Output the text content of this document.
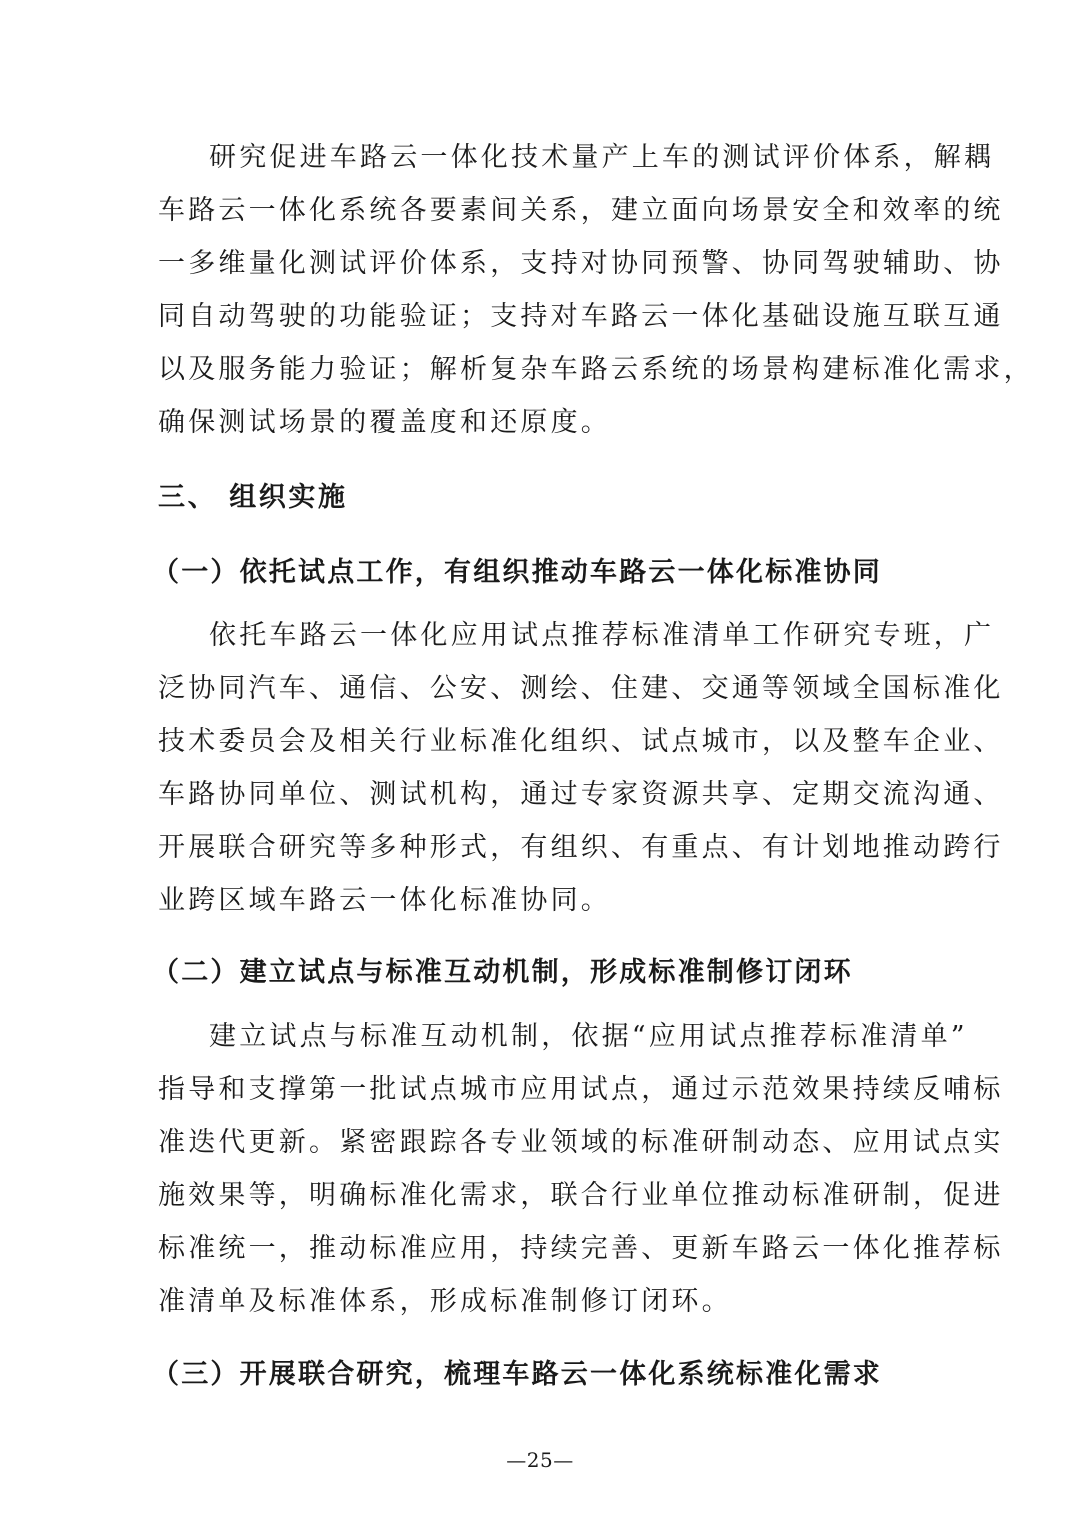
研究促进车路云一体化技术量产上车的测试评价体系，解耦
车路云一体化系统各要素间关系，建立面向场景安全和效率的统
一多维量化测试评价体系，支持对协同预警、协同驾驶辅助、协
同自动驾驶的功能验证；支持对车路云一体化基础设施互联互通
以及服务能力验证；解析复杂车路云系统的场景构建标准化需求，
确保测试场景的覆盖度和还原度。
三、 组织实施
（一）依托试点工作，有组织推动车路云一体化标准协同
依托车路云一体化应用试点推荐标准清单工作研究专班，广
泛协同汽车、通信、公安、测绘、住建、交通等领域全国标准化
技术委员会及相关行业标准化组织、试点城市，以及整车企业、
车路协同单位、测试机构，通过专家资源共享、定期交流沟通、
开展联合研究等多种形式，有组织、有重点、有计划地推动跨行
业跨区域车路云一体化标准协同。
（二）建立试点与标准互动机制，形成标准制修订闭环
建立试点与标准互动机制，依据“应用试点推荐标准清单”
指导和支撑第一批试点城市应用试点，通过示范效果持续反哺标
准迭代更新。紧密跟踪各专业领域的标准研制动态、应用试点实
施效果等，明确标准化需求，联合行业单位推动标准研制，促进
标准统一，推动标准应用，持续完善、更新车路云一体化推荐标
准清单及标准体系，形成标准制修订闭环。
（三）开展联合研究，梳理车路云一体化系统标准化需求
—25—
